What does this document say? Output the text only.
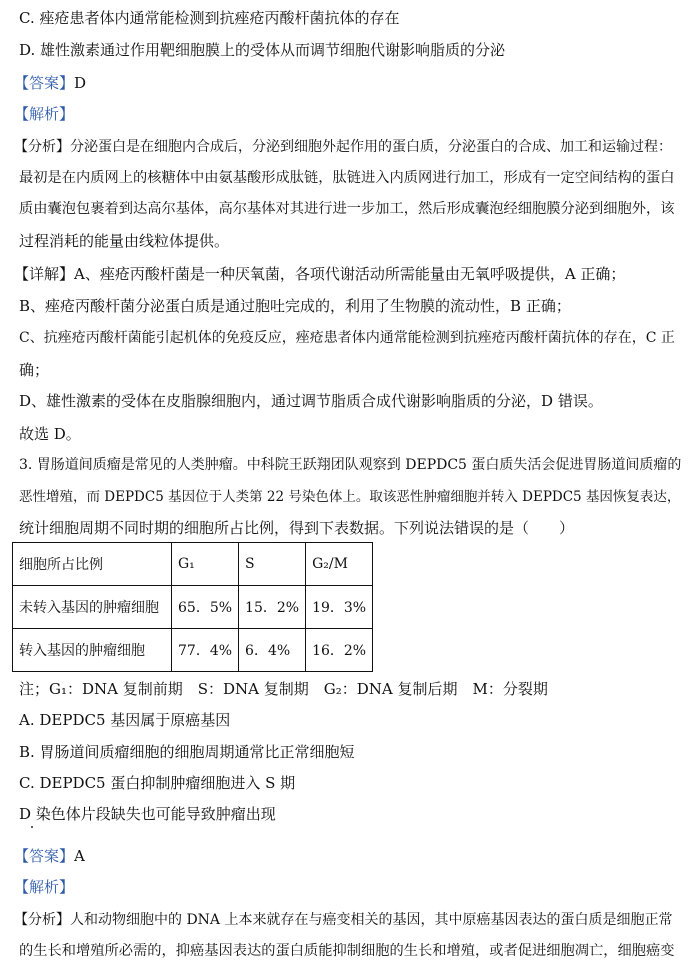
C. 痤疮患者体内通常能检测到抗痤疮丙酸杆菌抗体的存在
D. 雄性激素通过作用靶细胞膜上的受体从而调节细胞代谢影响脂质的分泌
【答案】D
【解析】
【分析】分泌蛋白是在细胞内合成后，分泌到细胞外起作用的蛋白质，分泌蛋白的合成、加工和运输过程：
最初是在内质网上的核糖体中由氨基酸形成肽链，肽链进入内质网进行加工，形成有一定空间结构的蛋白
质由囊泡包裹着到达高尔基体，高尔基体对其进行进一步加工，然后形成囊泡经细胞膜分泌到细胞外，该
过程消耗的能量由线粒体提供。
【详解】A、痤疮丙酸杆菌是一种厌氧菌，各项代谢活动所需能量由无氧呼吸提供，A 正确；
B、痤疮丙酸杆菌分泌蛋白质是通过胞吐完成的，利用了生物膜的流动性，B 正确；
C、抗痤疮丙酸杆菌能引起机体的免疫反应，痤疮患者体内通常能检测到抗痤疮丙酸杆菌抗体的存在，C 正
确；
D、雄性激素的受体在皮脂腺细胞内，通过调节脂质合成代谢影响脂质的分泌，D 错误。
故选 D。
3. 胃肠道间质瘤是常见的人类肿瘤。中科院王跃翔团队观察到 DEPDC5 蛋白质失活会促进胃肠道间质瘤的
恶性增殖，而 DEPDC5 基因位于人类第 22 号染色体上。取该恶性肿瘤细胞并转入 DEPDC5 基因恢复表达，
统计细胞周期不同时期的细胞所占比例，得到下表数据。下列说法错误的是（　　）
细胞所占比例	G₁	S	G₂/M
未转入基因的肿瘤细胞	65．5%	15．2%	19．3%
转入基因的肿瘤细胞	77．4%	6．4%	16．2%
注；G₁：DNA 复制前期　S：DNA 复制期　G₂：DNA 复制后期　M：分裂期
A. DEPDC5 基因属于原癌基因
B. 胃肠道间质瘤细胞的细胞周期通常比正常细胞短
C. DEPDC5 蛋白抑制肿瘤细胞进入 S 期
D 染色体片段缺失也可能导致肿瘤出现
【答案】A
【解析】
【分析】人和动物细胞中的 DNA 上本来就存在与癌变相关的基因，其中原癌基因表达的蛋白质是细胞正常
的生长和增殖所必需的，抑癌基因表达的蛋白质能抑制细胞的生长和增殖，或者促进细胞凋亡，细胞癌变
